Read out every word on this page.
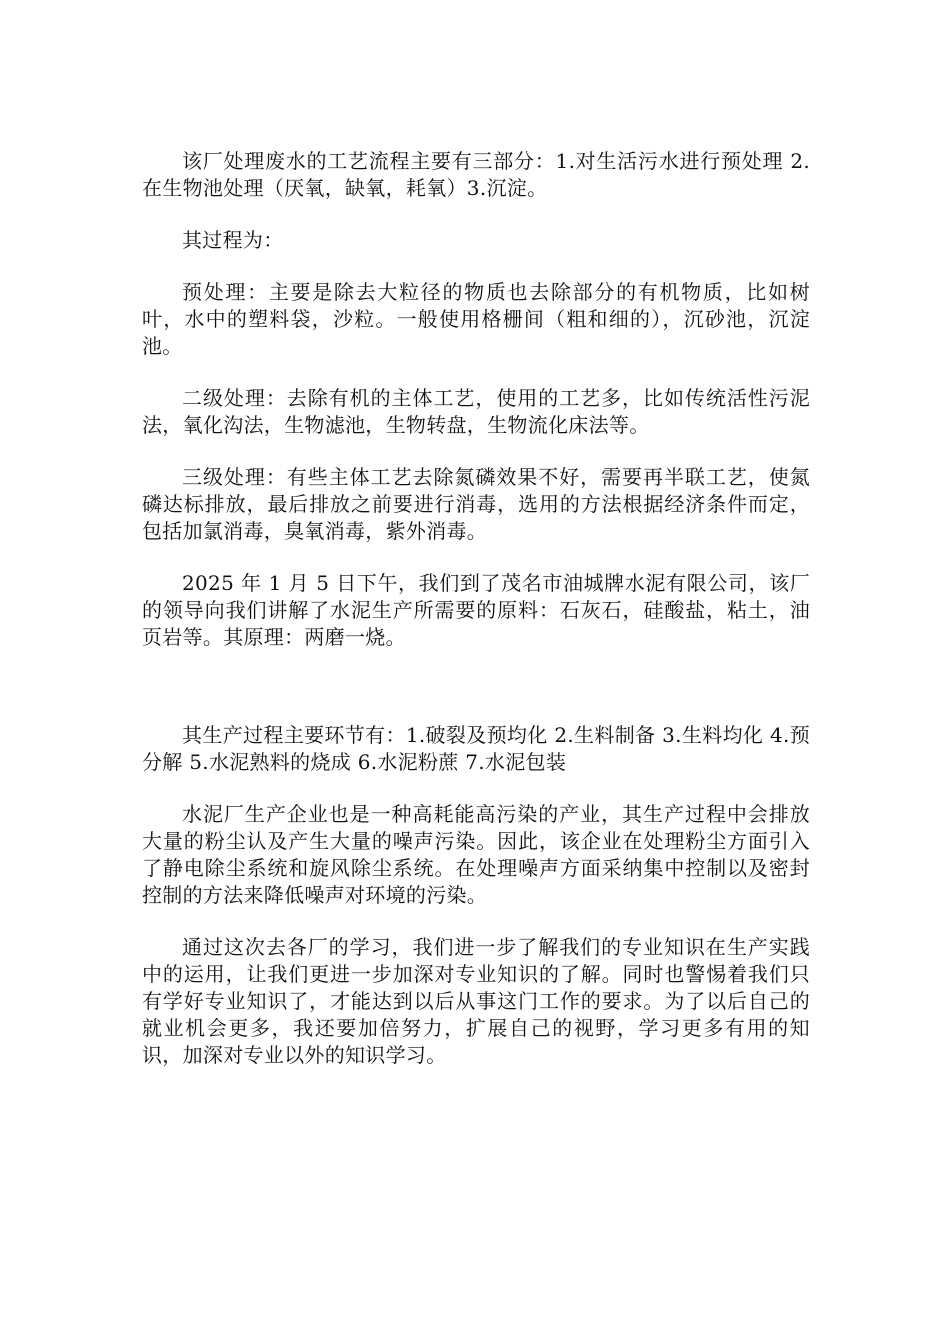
该厂处理废水的工艺流程主要有三部分：1.对生活污水进行预处理 2.在生物池处理（厌氧，缺氧，耗氧）3.沉淀。

其过程为：

预处理：主要是除去大粒径的物质也去除部分的有机物质，比如树叶，水中的塑料袋，沙粒。一般使用格栅间（粗和细的），沉砂池，沉淀池。

二级处理：去除有机的主体工艺，使用的工艺多，比如传统活性污泥法，氧化沟法，生物滤池，生物转盘，生物流化床法等。

三级处理：有些主体工艺去除氮磷效果不好，需要再半联工艺，使氮磷达标排放，最后排放之前要进行消毒，选用的方法根据经济条件而定，包括加氯消毒，臭氧消毒，紫外消毒。

2025 年 1 月 5 日下午，我们到了茂名市油城牌水泥有限公司，该厂的领导向我们讲解了水泥生产所需要的原料：石灰石，硅酸盐，粘土，油页岩等。其原理：两磨一烧。

其生产过程主要环节有：1.破裂及预均化 2.生料制备 3.生料均化 4.预分解 5.水泥熟料的烧成 6.水泥粉蔗 7.水泥包装

水泥厂生产企业也是一种高耗能高污染的产业，其生产过程中会排放大量的粉尘认及产生大量的噪声污染。因此，该企业在处理粉尘方面引入了静电除尘系统和旋风除尘系统。在处理噪声方面采纳集中控制以及密封控制的方法来降低噪声对环境的污染。

通过这次去各厂的学习，我们进一步了解我们的专业知识在生产实践中的运用，让我们更进一步加深对专业知识的了解。同时也警惕着我们只有学好专业知识了，才能达到以后从事这门工作的要求。为了以后自己的就业机会更多，我还要加倍努力，扩展自己的视野，学习更多有用的知识，加深对专业以外的知识学习。
